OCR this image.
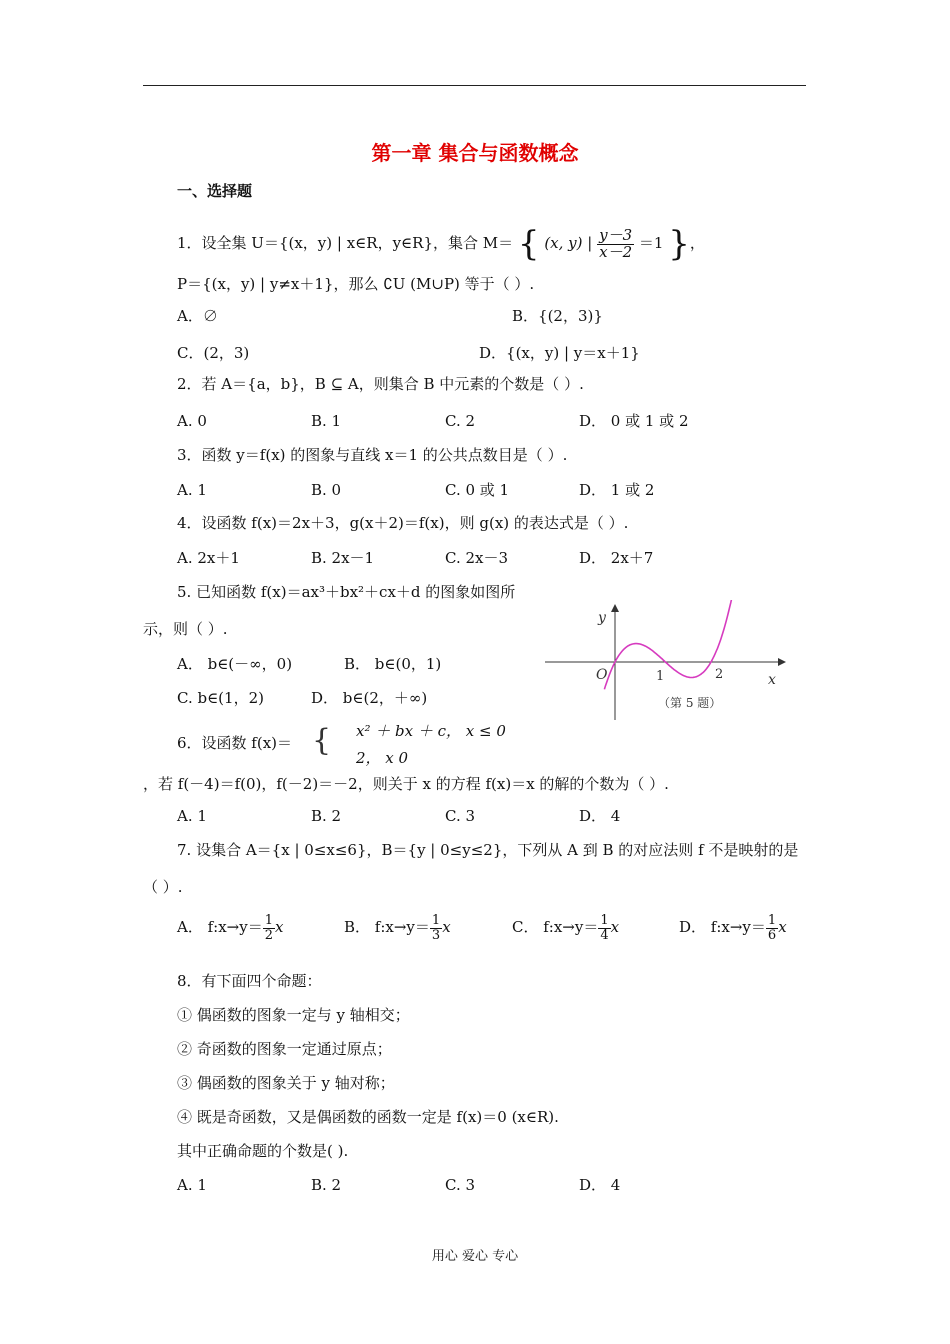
第一章 集合与函数概念
一、选择题
1．设全集 U＝{(x，y) | x∈R，y∈R}，集合 M＝ { (x, y) | $\frac{y-3}{x-2} =1$ }，
P＝{(x，y) | y≠x＋1}，那么 ∁U (M∪P) 等于（ ）.
A．∅	B．{(2，3)}
C．(2，3)	D．{(x，y) | y＝x＋1}
2．若 A＝{a，b}，B ⊆ A，则集合 B 中元素的个数是（ ）.
A. 0	B. 1	C. 2	D． 0 或 1 或 2
3．函数 y＝f(x) 的图象与直线 x＝1 的公共点数目是（ ）.
A. 1	B. 0	C. 0 或 1	D． 1 或 2
4．设函数 f(x)＝2x＋3，g(x＋2)＝f(x)，则 g(x) 的表达式是（ ）.
A. 2x＋1	B. 2x－1	C. 2x－3	D． 2x＋7
5. 已知函数 f(x)＝ax³＋bx²＋cx＋d 的图象如图所
示，则（ ）.
A． b∈(－∞，0)	B． b∈(0，1)
C. b∈(1，2)	D． b∈(2，＋∞)
y
x
O	1	2
（第 5 题）
6．设函数 f(x)＝ { x² ＋ bx ＋ c， x ≤ 0
2， x 0
，若 f(－4)＝f(0)，f(－2)＝－2，则关于 x 的方程 f(x)＝x 的解的个数为（ ）.
A. 1	B. 2	C. 3	D． 4
7. 设集合 A＝{x | 0≤x≤6}，B＝{y | 0≤y≤2}，下列从 A 到 B 的对应法则 f 不是映射的是
（ ）.
A． f:x→y＝ $\frac{1}{2}$ x	B． f:x→y＝ $\frac{1}{3}$ x	C． f:x→y＝ $\frac{1}{4}$ x	D． f:x→y＝ $\frac{1}{6}$ x
8．有下面四个命题：
① 偶函数的图象一定与 y 轴相交；
② 奇函数的图象一定通过原点；
③ 偶函数的图象关于 y 轴对称；
④ 既是奇函数，又是偶函数的函数一定是 f(x)＝0 (x∈R).
其中正确命题的个数是( ).
A. 1	B. 2	C. 3	D． 4
用心 爱心 专心
